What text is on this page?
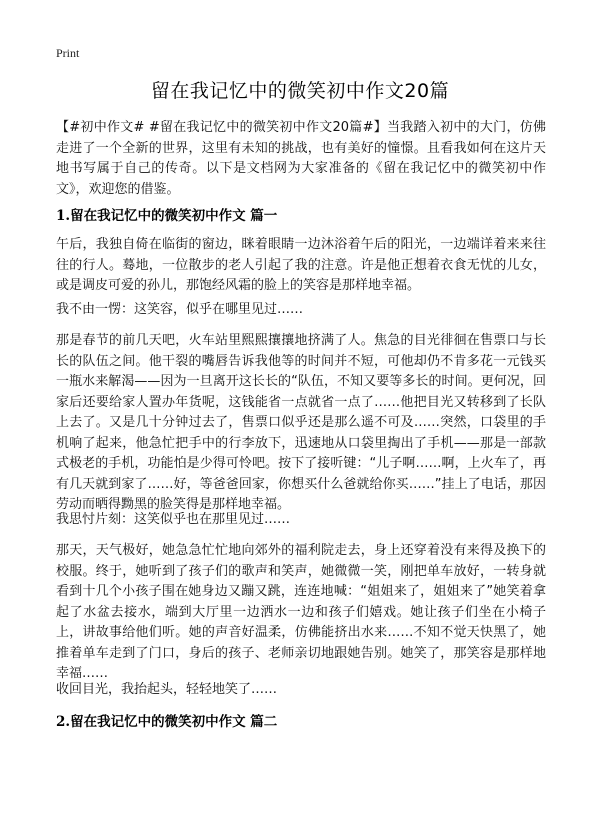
Print
留在我记忆中的微笑初中作文20篇

【#初中作文# #留在我记忆中的微笑初中作文20篇#】当我踏入初中的大门，仿佛走进了一个全新的世界，这里有未知的挑战，也有美好的憧憬。且看我如何在这片天地书写属于自己的传奇。以下是文档网为大家准备的《留在我记忆中的微笑初中作文》，欢迎您的借鉴。

1.留在我记忆中的微笑初中作文 篇一

午后，我独自倚在临街的窗边，眯着眼睛一边沐浴着午后的阳光，一边端详着来来往往的行人。蓦地，一位散步的老人引起了我的注意。许是他正想着衣食无忧的儿女，或是调皮可爱的孙儿，那饱经风霜的脸上的笑容是那样地幸福。

我不由一愣：这笑容，似乎在哪里见过……

那是春节的前几天吧，火车站里熙熙攘攘地挤满了人。焦急的目光徘徊在售票口与长长的队伍之间。他干裂的嘴唇告诉我他等的时间并不短，可他却仍不肯多花一元钱买一瓶水来解渴——因为一旦离开这长长的“队伍，不知又要等多长的时间。更何况，回家后还要给家人置办年货呢，这钱能省一点就省一点了……他把目光又转移到了长队上去了。又是几十分钟过去了，售票口似乎还是那么遥不可及……突然，口袋里的手机响了起来，他急忙把手中的行李放下，迅速地从口袋里掏出了手机——那是一部款式极老的手机，功能怕是少得可怜吧。按下了接听键：“儿子啊……啊，上火车了，再有几天就到家了……好，等爸爸回家，你想买什么爸就给你买……”挂上了电话，那因劳动而晒得黝黑的脸笑得是那样地幸福。

我思忖片刻：这笑似乎也在那里见过……

那天，天气极好，她急急忙忙地向郊外的福利院走去，身上还穿着没有来得及换下的校服。终于，她听到了孩子们的歌声和笑声，她微微一笑，刚把单车放好，一转身就看到十几个小孩子围在她身边又蹦又跳，连连地喊：“姐姐来了，姐姐来了”她笑着拿起了水盆去接水，端到大厅里一边洒水一边和孩子们嬉戏。她让孩子们坐在小椅子上，讲故事给他们听。她的声音好温柔，仿佛能挤出水来……不知不觉天快黑了，她推着单车走到了门口，身后的孩子、老师亲切地跟她告别。她笑了，那笑容是那样地幸福……

收回目光，我抬起头，轻轻地笑了……

2.留在我记忆中的微笑初中作文 篇二
